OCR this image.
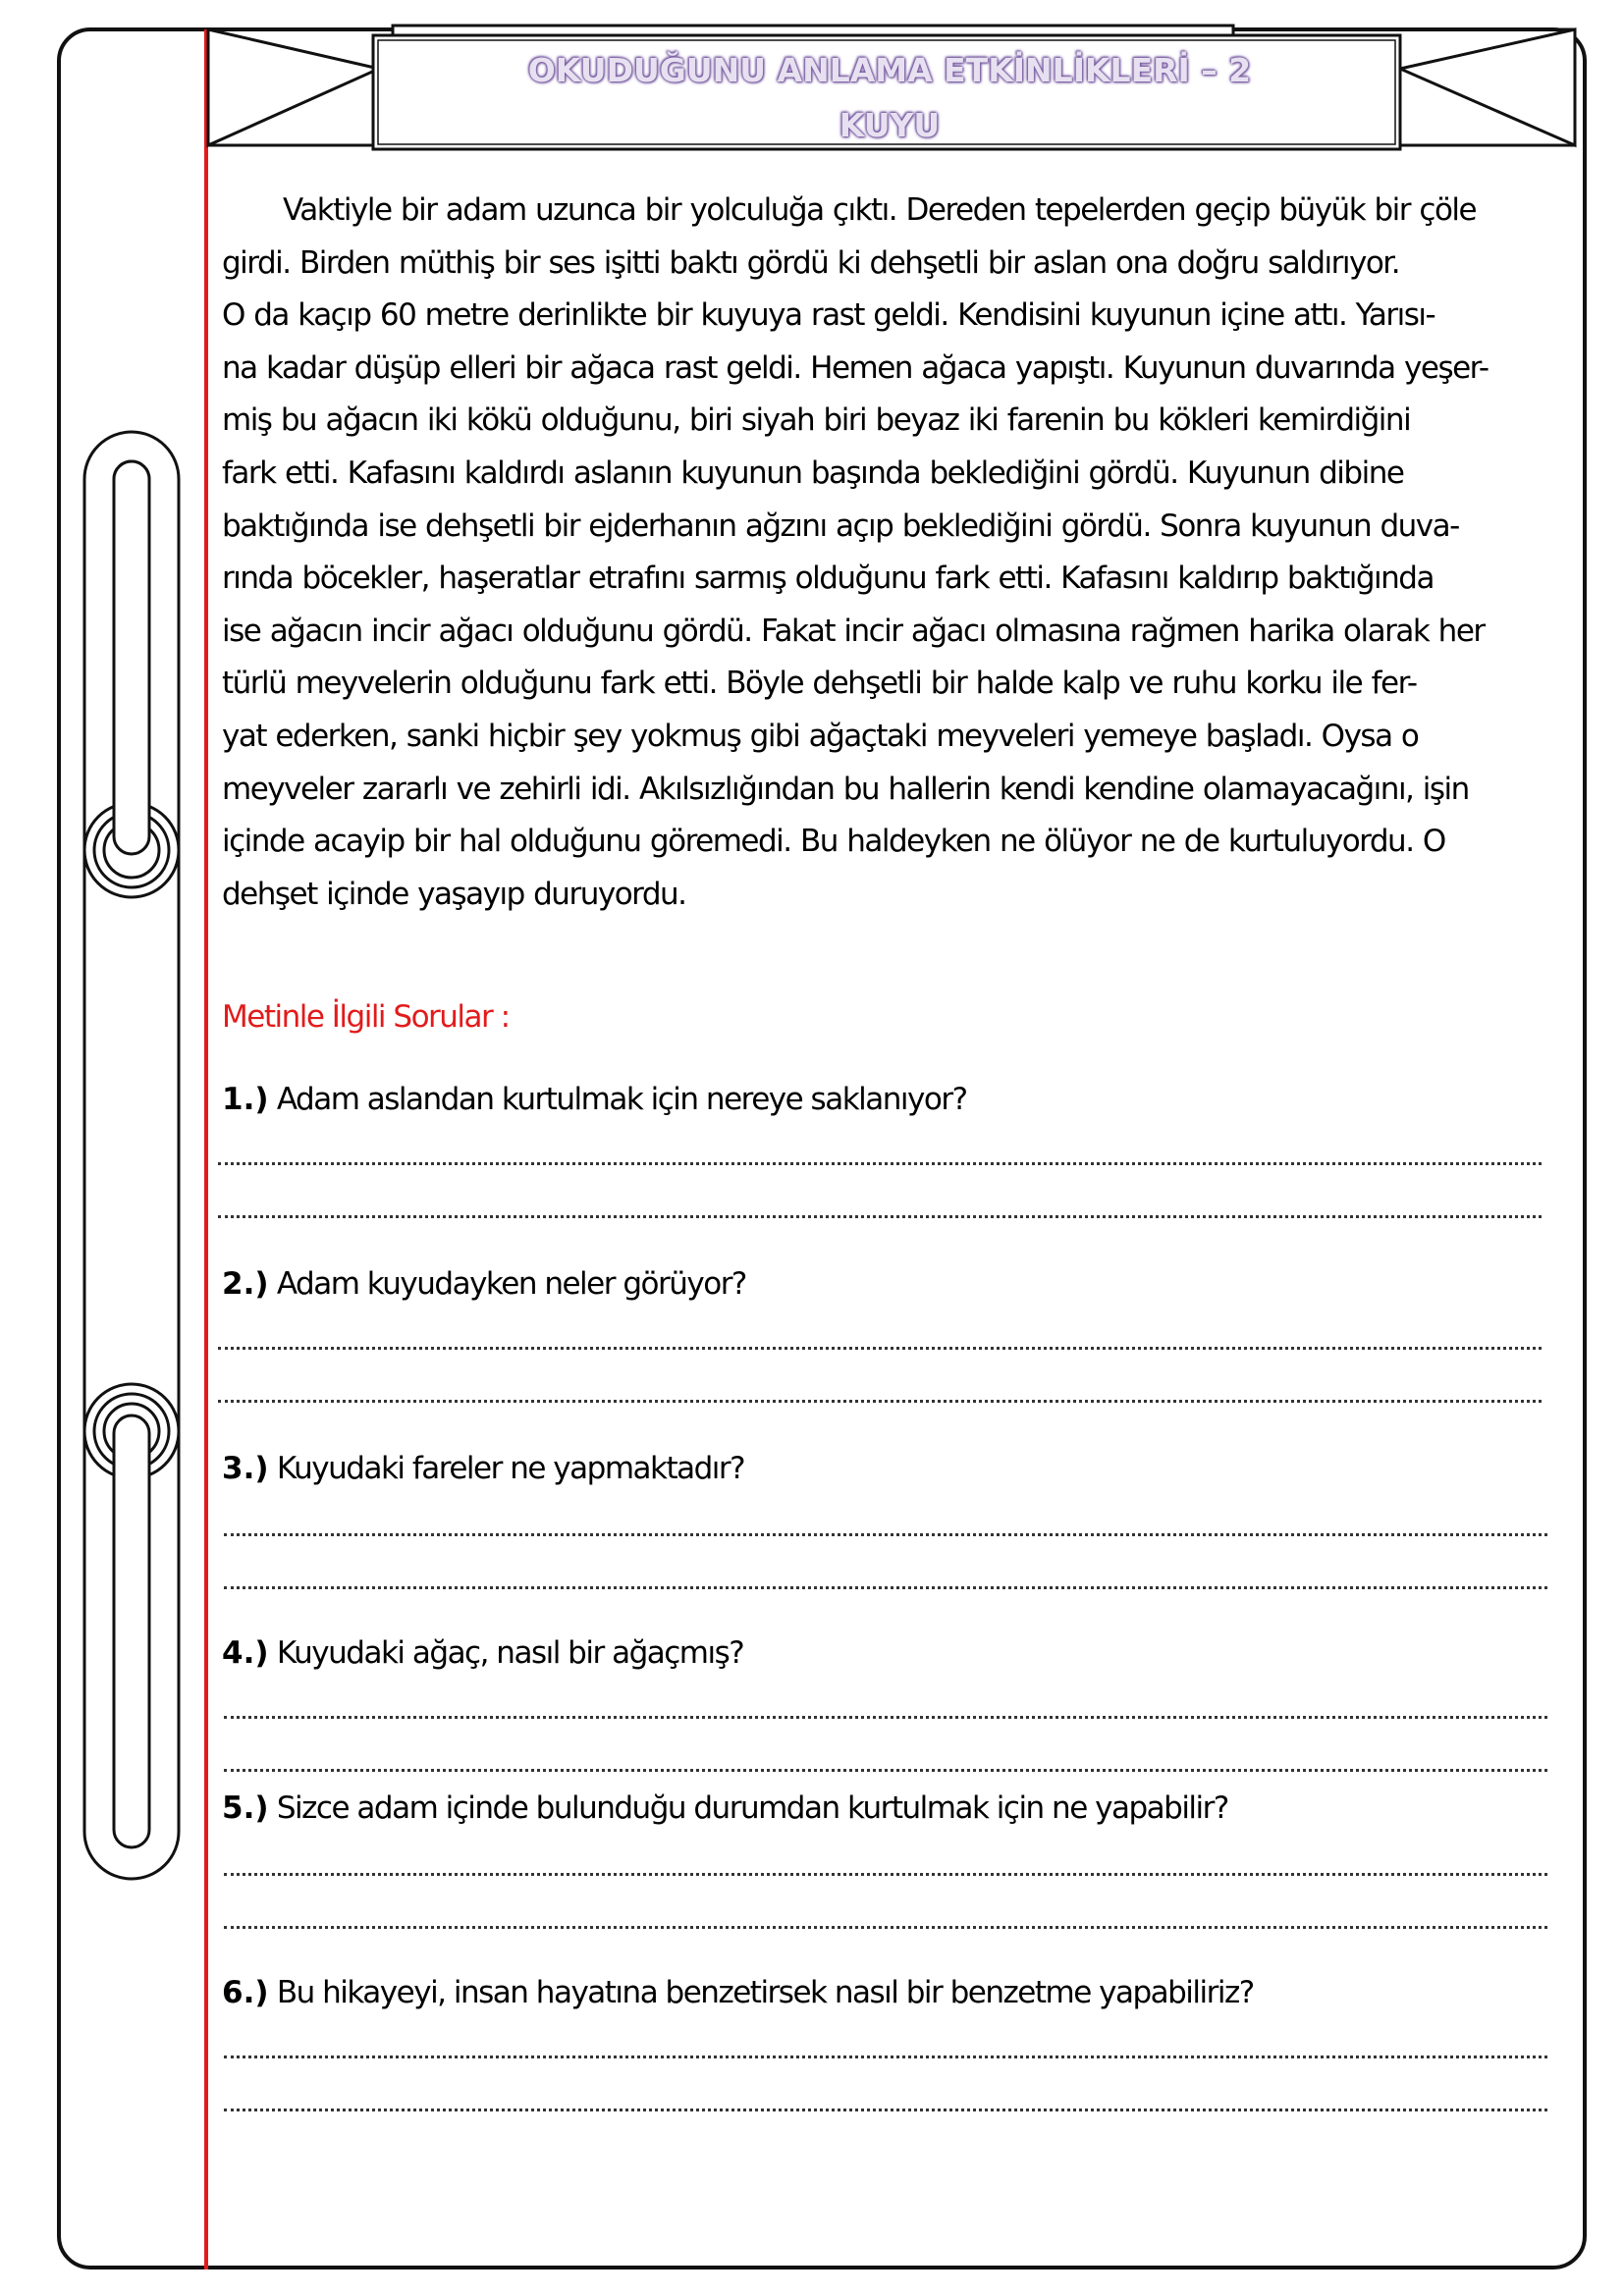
OKUDUĞUNU ANLAMA ETKİNLİKLERİ – 2
KUYU
Vaktiyle bir adam uzunca bir yolculuğa çıktı. Dereden tepelerden geçip büyük bir çöle
girdi. Birden müthiş bir ses işitti baktı gördü ki dehşetli bir aslan ona doğru saldırıyor.
O da kaçıp 60 metre derinlikte bir kuyuya rast geldi. Kendisini kuyunun içine attı. Yarısı-
na kadar düşüp elleri bir ağaca rast geldi. Hemen ağaca yapıştı. Kuyunun duvarında yeşer-
miş bu ağacın iki kökü olduğunu, biri siyah biri beyaz iki farenin bu kökleri kemirdiğini
fark etti. Kafasını kaldırdı aslanın kuyunun başında beklediğini gördü. Kuyunun dibine
baktığında ise dehşetli bir ejderhanın ağzını açıp beklediğini gördü. Sonra kuyunun duva-
rında böcekler, haşeratlar etrafını sarmış olduğunu fark etti. Kafasını kaldırıp baktığında
ise ağacın incir ağacı olduğunu gördü. Fakat incir ağacı olmasına rağmen harika olarak her
türlü meyvelerin olduğunu fark etti. Böyle dehşetli bir halde kalp ve ruhu korku ile fer-
yat ederken, sanki hiçbir şey yokmuş gibi ağaçtaki meyveleri yemeye başladı. Oysa o
meyveler zararlı ve zehirli idi. Akılsızlığından bu hallerin kendi kendine olamayacağını, işin
içinde acayip bir hal olduğunu göremedi. Bu haldeyken ne ölüyor ne de kurtuluyordu. O
dehşet içinde yaşayıp duruyordu.
Metinle İlgili Sorular :
1.) Adam aslandan kurtulmak için nereye saklanıyor?
2.) Adam kuyudayken neler görüyor?
3.) Kuyudaki fareler ne yapmaktadır?
4.) Kuyudaki ağaç, nasıl bir ağaçmış?
5.) Sizce adam içinde bulunduğu durumdan kurtulmak için ne yapabilir?
6.) Bu hikayeyi, insan hayatına benzetirsek nasıl bir benzetme yapabiliriz?
